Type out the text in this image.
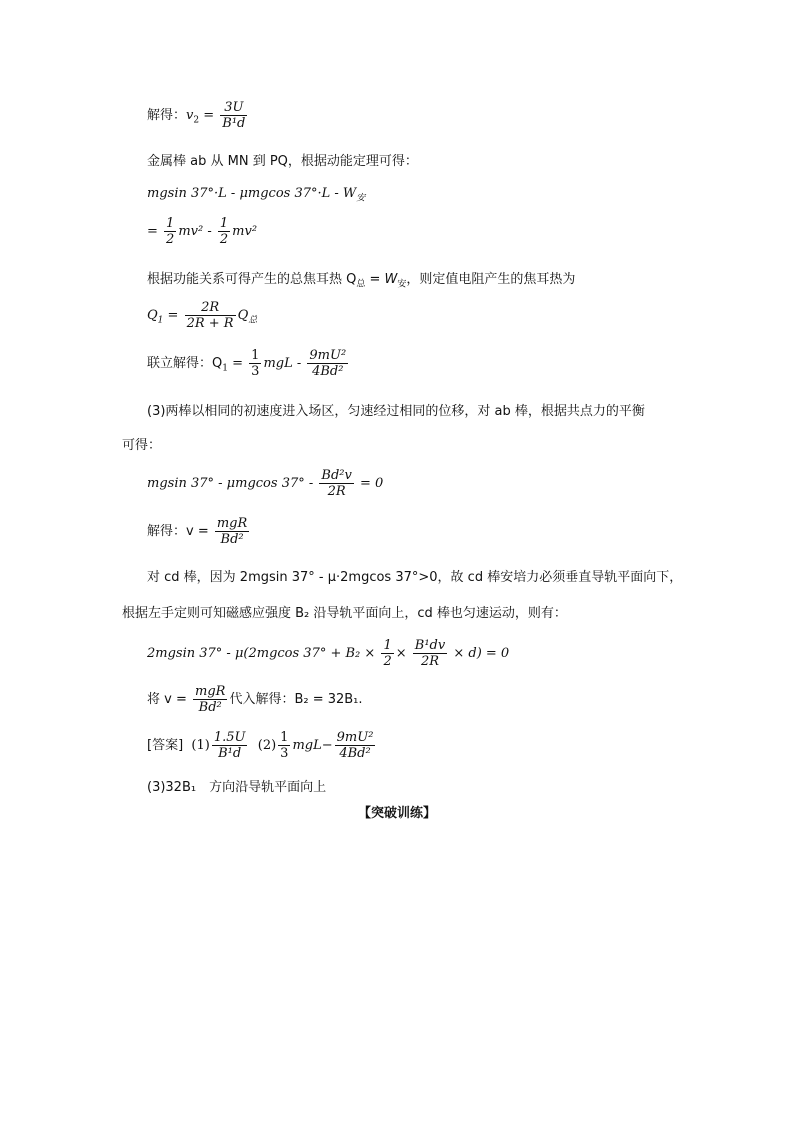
解得：$v_2 = \frac{3U}{\text{B¹d}}$
金属棒 ab 从 MN 到 PQ，根据动能定理可得：
mgsin 37°·L - μmgcos $37^\circ\cdot L - W_安$
= $\frac{1}{2} mv^2 - \frac{1}{2} mv^2$
根据功能关系可得产生的总焦耳热 $Q_总 = W_安$，则定值电阻产生的焦耳热为
$Q_1 = \frac{2R}{2R + R} Q_总$
联立解得：$Q_1 = \frac{1}{3}$ mgL - $\frac{\text{9mU²}}{\text{4Bd²}}$
(3)两棒以相同的初速度进入场区，匀速经过相同的位移，对 ab 棒，根据共点力的平衡
可得：
mgsin 37° - μmgcos $37^\circ - \frac{\text{Bd²v}}{2R} = 0$
解得：$v = \frac{\text{mgR}}{\text{Bd²}}$
对 cd 棒，因为 2mgsin 37° - μ·2mgcos 37°>0，故 cd 棒安培力必须垂直导轨平面向下，
根据左手定则可知磁感应强度 B₂ 沿导轨平面向上，cd 棒也匀速运动，则有：
2mgsin 37° - μ(2mgcos $37^\circ + B_2 \times \frac{1}{2} \times \frac{\text{B¹dv}}{2R} \times d) = 0$
将 $v = \frac{\text{mgR}}{\text{Bd²}}$ 代入解得：B₂ = 32B₁.
[答案] $(1) \frac{1.5U}{\text{B¹d}} (2) \frac{1}{3} mgL- \frac{\text{9mU²}}{\text{4Bd²}}$
(3)32B₁　方向沿导轨平面向上
【突破训练】
